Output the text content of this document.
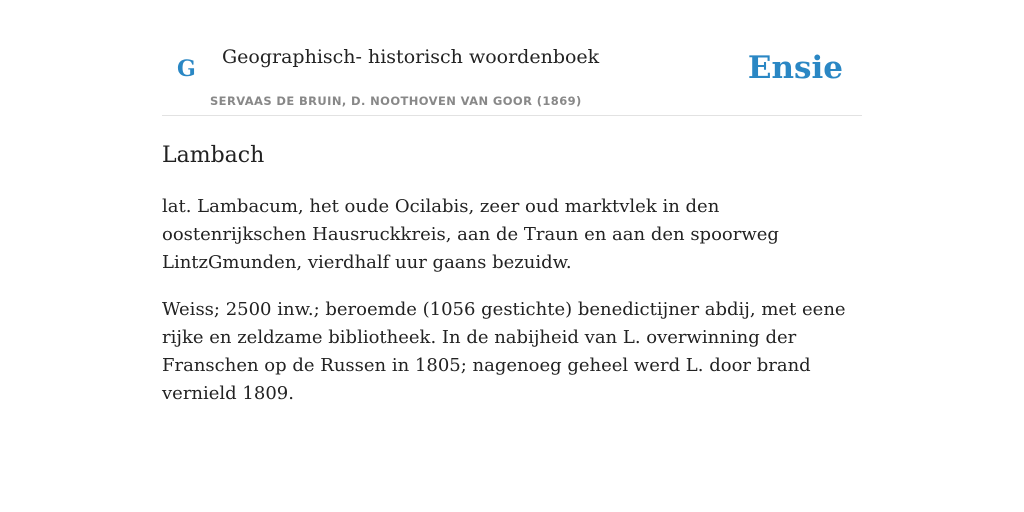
G Geographisch- historisch woordenboek
SERVAAS DE BRUIN, D. NOOTHOVEN VAN GOOR (1869)
Ensie
Lambach

lat. Lambacum, het oude Ocilabis, zeer oud marktvlek in den oostenrijkschen Hausruckkreis, aan de Traun en aan den spoorweg LintzGmunden, vierdhalf uur gaans bezuidw.

Weiss; 2500 inw.; beroemde (1056 gestichte) benedictijner abdij, met eene rijke en zeldzame bibliotheek. In de nabijheid van L. overwinning der Franschen op de Russen in 1805; nagenoeg geheel werd L. door brand vernield 1809.
